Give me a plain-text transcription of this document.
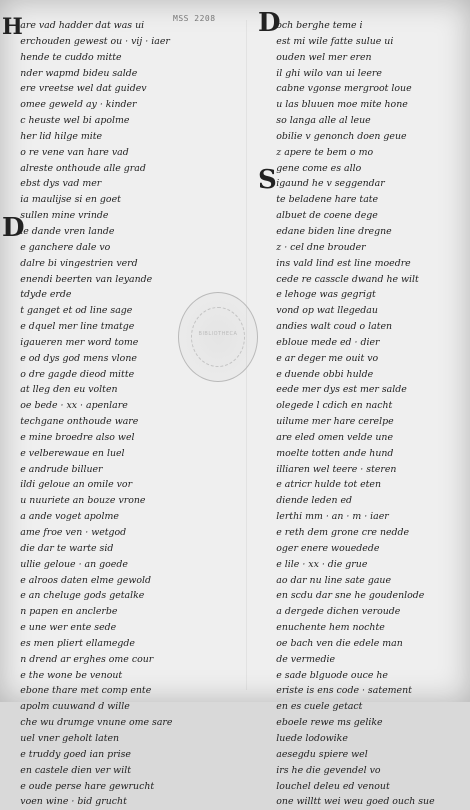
MSS 2208
are vad hadder dat was ui
erchouden gewest ou · vij · iaer
hende te cuddo mitte
nder wapmd bideu salde
ere vreetse wel dat guidev
omee geweld ay · kinder
c heuste wel bi apolme
her lid hilge mite
o re vene van hare vad
alreste onthoude alle grad
ebst dys vad mer
ia maulijse si en goet
sullen mine vrinde
le dande vren lande
e ganchere dale vo
dalre bi vingestrien verd
enendi beerten van leyande
tdyde erde
t ganget et od line sage
e dquel mer line tmatge
igaueren mer word tome
e od dys god mens vlone
o dre gagde dieod mitte
at lleg den eu volten
oe bede · xx · apenlare
techgane onthoude ware
e mine broedre also wel
e velberewaue en luel
e andrude billuer
ildi geloue an omile vor
u nuuriete an bouze vrone
a ande voget apolme
ame froe ven · wetgod
die dar te warte sid
ullie geloue · an goede
e alroos daten elme gewold
e an cheluge gods getalke
n papen en anclerbe
e une wer ente sede
es men pliert ellamegde
n drend ar erghes ome cour
e the wone be venout
ebone thare met comp ente
apolm cuuwand d wille
che wu drumge vnune ome sare
uel vner geholt laten
e truddy goed ian prise
en castele dien ver wilt
e oude perse hare gewrucht
voen wine · bid grucht
och berghe teme i
est mi wile fatte sulue ui
ouden wel mer eren
il ghi wilo van ui leere
cabne vgonse mergroot loue
u las bluuen moe mite hone
so langa alle al leue
obilie v genonch doen geue
z apere te bem o mo
gene come es allo
igaund he v seggendar
te beladene hare tate
albuet de coene dege
edane biden line dregne
z · cel dne brouder
ins vald lind est line moedre
cede re casscle dwand he wilt
e lehoge was gegrigt
vond op wat llegedau
andies walt coud o laten
ebloue mede ed · dier
e ar deger me ouit vo
e duende obbi hulde
eede mer dys est mer salde
olegede l cdich en nacht
uilume mer hare cerelpe
are eled omen velde une
moelte totten ande hund
illiaren wel teere · steren
e atricr hulde tot eten
diende leden ed
lerthi mm · an · m · iaer
e reth dem grone cre nedde
oger enere wouedede
e lile · xx · die grue
ao dar nu line sate gaue
en scdu dar sne he goudenlode
a dergede dichen veroude
enuchente hem nochte
oe bach ven die edele man
de vermedie
e sade blguode ouce he
eriste is ens code · satement
en es cuele getact
eboele rewe ms gelike
luede lodowike
aesegdu spiere wel
irs he die gevendel vo
louchel deleu ed venout
one willtt wei weu goed ouch sue
H
D
D
S
BIBLIOTHECA
